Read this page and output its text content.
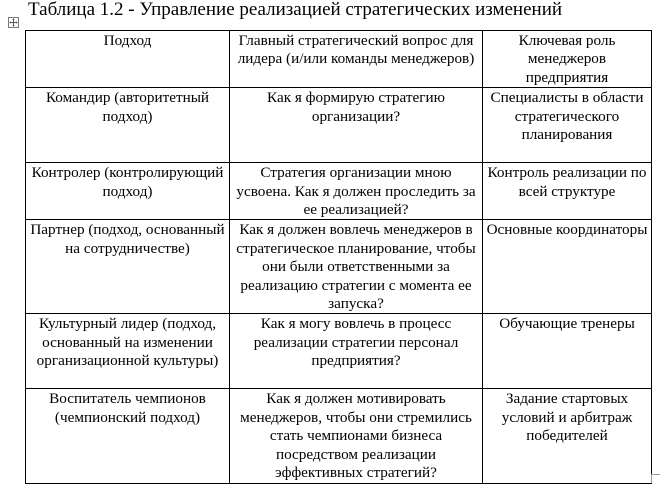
Таблица 1.2 - Управление реализацией стратегических изменений
Подход	Главный стратегический вопрос для лидера (и/или команды менеджеров)	Ключевая роль менеджеров предприятия
Командир (авторитетный подход)	Как я формирую стратегию организации?	Специалисты в области стратегического планирования
Контролер (контролирующий подход)	Стратегия организации мною усвоена. Как я должен проследить за ее реализацией?	Контроль реализации по всей структуре
Партнер (подход, основанный на сотрудничестве)	Как я должен вовлечь менеджеров в стратегическое планирование, чтобы они были ответственными за реализацию стратегии с момента ее запуска?	Основные координаторы
Культурный лидер (подход, основанный на изменении организационной культуры)	Как я могу вовлечь в процесс реализации стратегии персонал предприятия?	Обучающие тренеры
Воспитатель чемпионов (чемпионский подход)	Как я должен мотивировать менеджеров, чтобы они стремились стать чемпионами бизнеса посредством реализации эффективных стратегий?	Задание стартовых условий и арбитраж победителей
